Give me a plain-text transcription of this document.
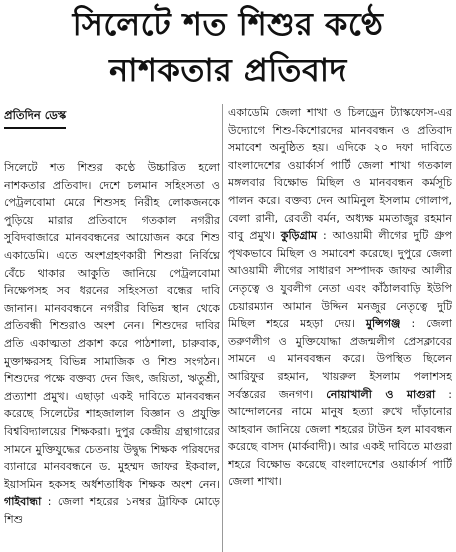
সিলেটে শত শিশুর কণ্ঠে
নাশকতার প্রতিবাদ
প্রতিদিন ডেস্ক

সিলেটে শত শিশুর কণ্ঠে উচ্চারিত হলো নাশকতার প্রতিবাদ। দেশে চলমান সহিংসতা ও পেট্রলবোমা মেরে শিশুসহ নিরীহ লোকজনকে পুড়িয়ে মারার প্রতিবাদে গতকাল নগরীর সুবিদবাজারে মানববন্ধনের আয়োজন করে শিশু একাডেমি। এতে অংশগ্রহণকারী শিশুরা নির্বিঘ্নে বেঁচে থাকার আকুতি জানিয়ে পেট্রলবোমা নিক্ষেপসহ সব ধরনের সহিংসতা বন্ধের দাবি জানান। মানববন্ধনে নগরীর বিভিন্ন স্থান থেকে প্রতিবন্ধী শিশুরাও অংশ নেন। শিশুদের দাবির প্রতি একাত্মতা প্রকাশ করে পাঠশালা, চারুবাক, মুক্তাক্ষরসহ বিভিন্ন সামাজিক ও শিশু সংগঠন। শিশুদের পক্ষে বক্তব্য দেন জিৎ, জয়িতা, ঋতুশ্রী, প্রত্যাশা প্রমুখ। এছাড়া একই দাবিতে মানববন্ধন করেছে সিলেটের শাহজালাল বিজ্ঞান ও প্রযুক্তি বিশ্ববিদ্যালয়ের শিক্ষকরা। দুপুর কেন্দ্রীয় গ্রন্থাগারের সামনে মুক্তিযুদ্ধের চেতনায় উদ্বুদ্ধ শিক্ষক পরিষদের ব্যানারে মানববন্ধনে ড. মুহম্মদ জাফর ইকবাল, ইয়াসমিন হকসহ অর্ধশতাধিক শিক্ষক অংশ নেন। গাইবান্ধা : জেলা শহরের ১নম্বর ট্রাফিক মোড়ে শিশু

একাডেমি জেলা শাখা ও চিলড্রেন ট্যাস্কফোস-এর উদ্যোগে শিশু-কিশোরদের মানববন্ধন ও প্রতিবাদ সমাবেশ অনুষ্ঠিত হয়। এদিকে ২০ দফা দাবিতে বাংলাদেশের ওয়ার্কার্স পার্টি জেলা শাখা গতকাল মঙ্গলবার বিক্ষোভ মিছিল ও মানববন্ধন কর্মসূচি পালন করে। বক্তব্য দেন আমিনুল ইসলাম গোলাপ, বেলা রানী, রেবতী বর্মন, অধ্যক্ষ মমতাজুর রহমান বাবু প্রমুখ। কুড়িগ্রাম : আওয়ামী লীগের দুটি গ্রুপ পৃথকভাবে মিছিল ও সমাবেশ করেছে। দুপুরে জেলা আওয়ামী লীগের সাধারণ সম্পাদক জাফর আলীর নেতৃত্বে ও যুবলীগ নেতা এবং কাঁঠালবাড়ি ইউপি চেয়ারম্যান আমান উদ্দিন মনজুর নেতৃত্বে দুটি মিছিল শহরে মহড়া দেয়। মুন্সিগঞ্জ : জেলা তরুণলীগ ও মুক্তিযোদ্ধা প্রজন্মলীগ প্রেসক্লাবের সামনে এ মানববন্ধন করে। উপস্থিত ছিলেন আরিফুর রহমান, খায়রুল ইসলাম পলাশসহ সর্বস্তরের জনগণ। নোয়াখালী ও মাগুরা : আন্দোলনের নামে মানুষ হত্যা রুখে দাঁড়ানোর আহবান জানিয়ে জেলা শহরের টাউন হল মাববন্ধন করেছে বাসদ (মার্কবাদী)। আর একই দাবিতে মাগুরা শহরে বিক্ষোভ করেছে বাংলাদেশের ওয়ার্কার্স পার্টি জেলা শাখা।
